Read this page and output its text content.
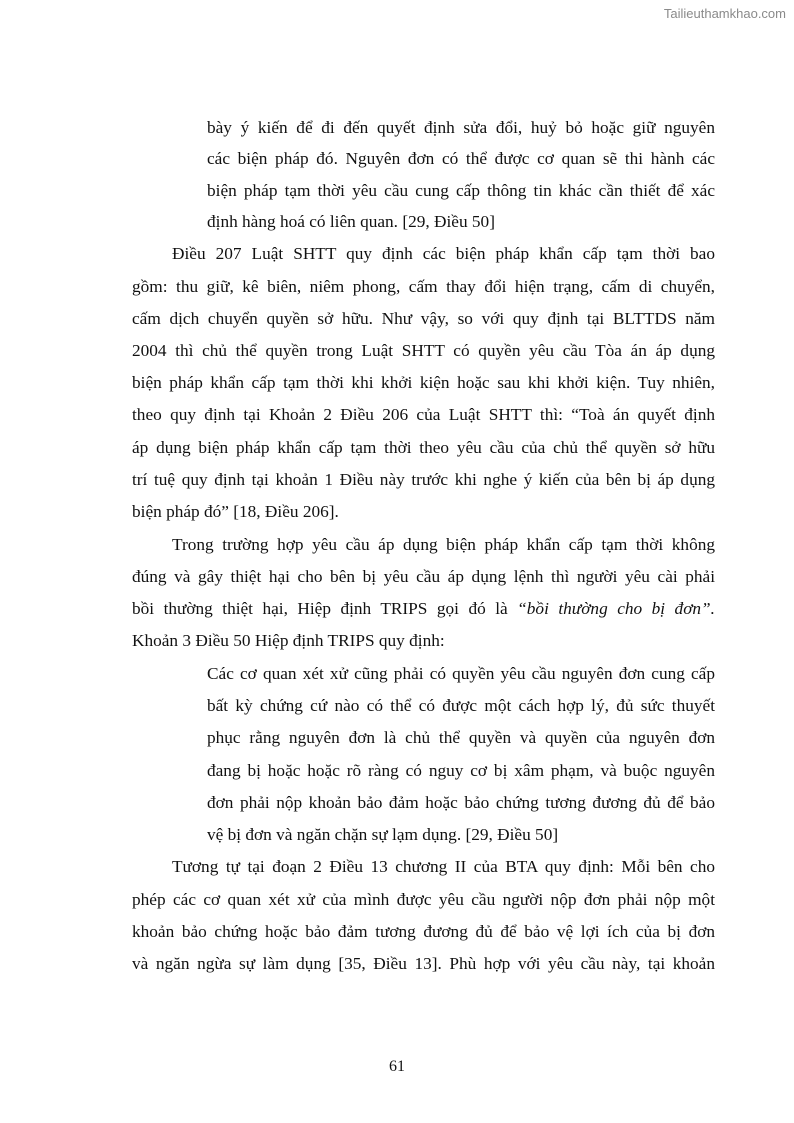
Tailieuthamkhao.com

bày ý kiến để đi đến quyết định sửa đổi, huỷ bỏ hoặc giữ nguyên

các biện pháp đó. Nguyên đơn có thể được cơ quan sẽ thi hành các

biện pháp tạm thời yêu cầu cung cấp thông tin khác cần thiết để xác

định hàng hoá có liên quan. [29, Điều 50]

Điều 207 Luật SHTT quy định các biện pháp khẩn cấp tạm thời bao

gồm: thu giữ, kê biên, niêm phong, cấm thay đổi hiện trạng, cấm di chuyển,

cấm dịch chuyển quyền sở hữu. Như vậy, so với quy định tại BLTTDS năm

2004 thì chủ thể quyền trong Luật SHTT có quyền yêu cầu Tòa án áp dụng

biện pháp khẩn cấp tạm thời khi khởi kiện hoặc sau khi khởi kiện. Tuy nhiên,

theo quy định tại Khoản 2 Điều 206 của Luật SHTT thì: “Toà án quyết định

áp dụng biện pháp khẩn cấp tạm thời theo yêu cầu của chủ thể quyền sở hữu

trí tuệ quy định tại khoản 1 Điều này trước khi nghe ý kiến của bên bị áp dụng

biện pháp đó” [18, Điều 206].

Trong trường hợp yêu cầu áp dụng biện pháp khẩn cấp tạm thời không

đúng và gây thiệt hại cho bên bị yêu cầu áp dụng lệnh thì người yêu cài phải

bồi thường thiệt hại, Hiệp định TRIPS gọi đó là “bồi thường cho bị đơn”.

Khoản 3 Điều 50 Hiệp định TRIPS quy định:

Các cơ quan xét xử cũng phải có quyền yêu cầu nguyên đơn cung cấp

bất kỳ chứng cứ nào có thể có được một cách hợp lý, đủ sức thuyết

phục rằng nguyên đơn là chủ thể quyền và quyền của nguyên đơn

đang bị hoặc hoặc rõ ràng có nguy cơ bị xâm phạm, và buộc nguyên

đơn phải nộp khoản bảo đảm hoặc bảo chứng tương đương đủ để bảo

vệ bị đơn và ngăn chặn sự lạm dụng. [29, Điều 50]

Tương tự tại đoạn 2 Điều 13 chương II của BTA quy định: Mỗi bên cho

phép các cơ quan xét xử của mình được yêu cầu người nộp đơn phải nộp một

khoản bảo chứng hoặc bảo đảm tương đương đủ để bảo vệ lợi ích của bị đơn

và ngăn ngừa sự làm dụng [35, Điều 13]. Phù hợp với yêu cầu này, tại khoản

61
